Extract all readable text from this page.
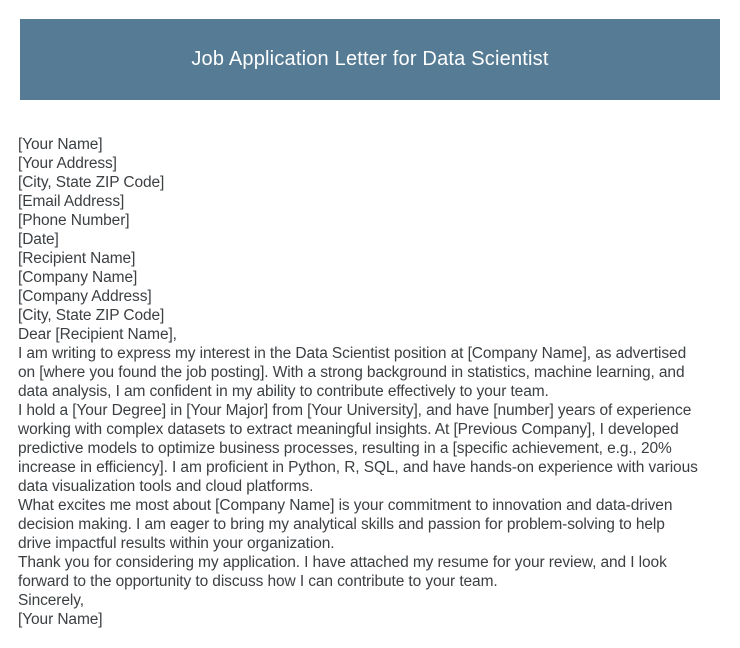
Job Application Letter for Data Scientist
[Your Name]
[Your Address]
[City, State ZIP Code]
[Email Address]
[Phone Number]
[Date]
[Recipient Name]
[Company Name]
[Company Address]
[City, State ZIP Code]
Dear [Recipient Name],
I am writing to express my interest in the Data Scientist position at [Company Name], as advertised
on [where you found the job posting]. With a strong background in statistics, machine learning, and
data analysis, I am confident in my ability to contribute effectively to your team.
I hold a [Your Degree] in [Your Major] from [Your University], and have [number] years of experience
working with complex datasets to extract meaningful insights. At [Previous Company], I developed
predictive models to optimize business processes, resulting in a [specific achievement, e.g., 20%
increase in efficiency]. I am proficient in Python, R, SQL, and have hands-on experience with various
data visualization tools and cloud platforms.
What excites me most about [Company Name] is your commitment to innovation and data-driven
decision making. I am eager to bring my analytical skills and passion for problem-solving to help
drive impactful results within your organization.
Thank you for considering my application. I have attached my resume for your review, and I look
forward to the opportunity to discuss how I can contribute to your team.
Sincerely,
[Your Name]
